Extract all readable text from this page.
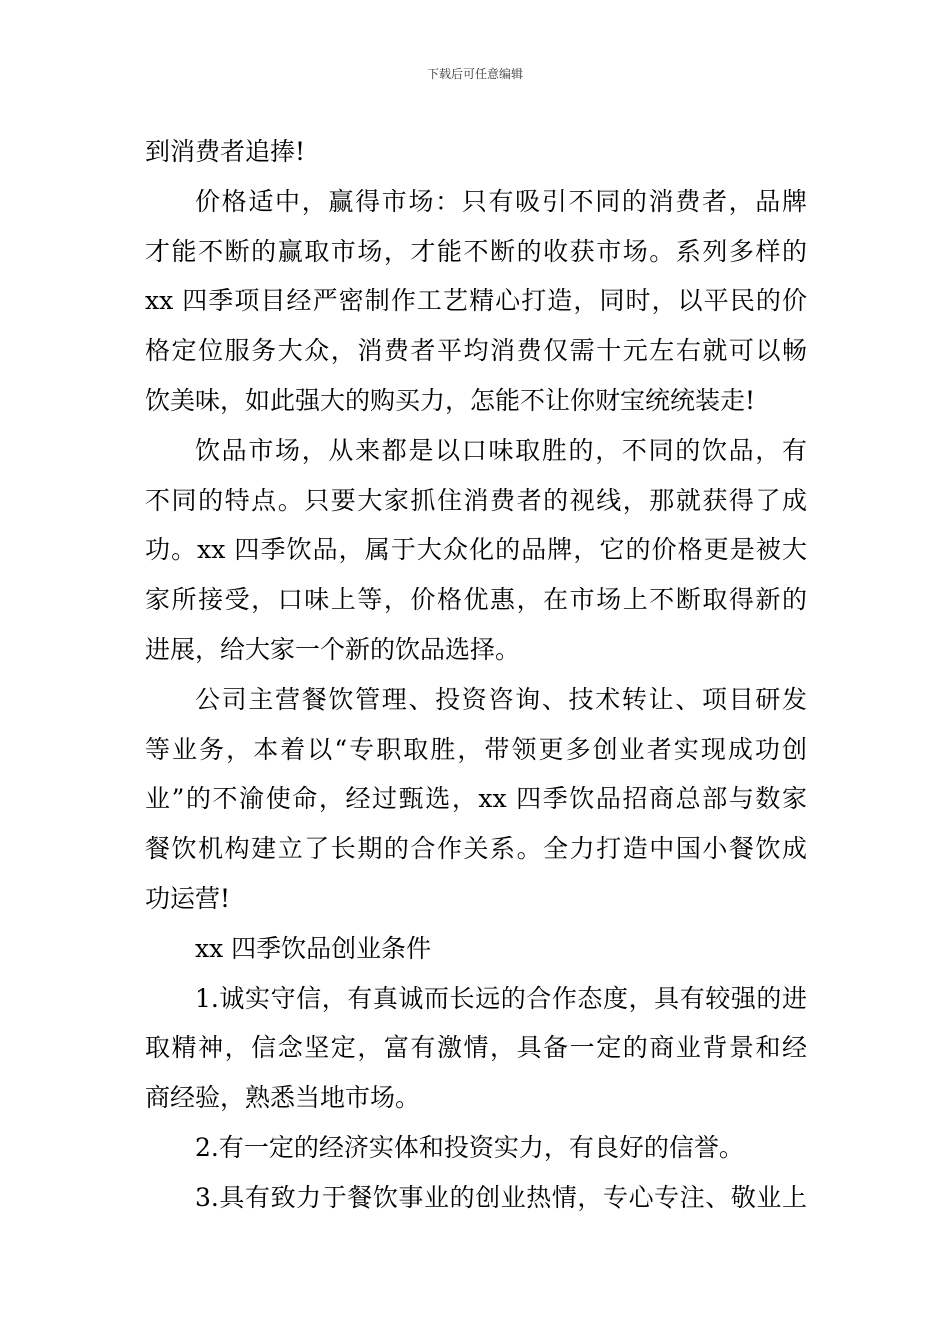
下载后可任意编辑
到消费者追捧!
价格适中，赢得市场：只有吸引不同的消费者，品牌
才能不断的赢取市场，才能不断的收获市场。系列多样的
xx 四季项目经严密制作工艺精心打造，同时，以平民的价
格定位服务大众，消费者平均消费仅需十元左右就可以畅
饮美味，如此强大的购买力，怎能不让你财宝统统装走!
饮品市场，从来都是以口味取胜的，不同的饮品，有
不同的特点。只要大家抓住消费者的视线，那就获得了成
功。xx 四季饮品，属于大众化的品牌，它的价格更是被大
家所接受，口味上等，价格优惠，在市场上不断取得新的
进展，给大家一个新的饮品选择。
公司主营餐饮管理、投资咨询、技术转让、项目研发
等业务，本着以“专职取胜，带领更多创业者实现成功创
业”的不渝使命，经过甄选，xx 四季饮品招商总部与数家
餐饮机构建立了长期的合作关系。全力打造中国小餐饮成
功运营!
xx 四季饮品创业条件
1.诚实守信，有真诚而长远的合作态度，具有较强的进
取精神，信念坚定，富有激情，具备一定的商业背景和经
商经验，熟悉当地市场。
2.有一定的经济实体和投资实力，有良好的信誉。
3.具有致力于餐饮事业的创业热情，专心专注、敬业上
